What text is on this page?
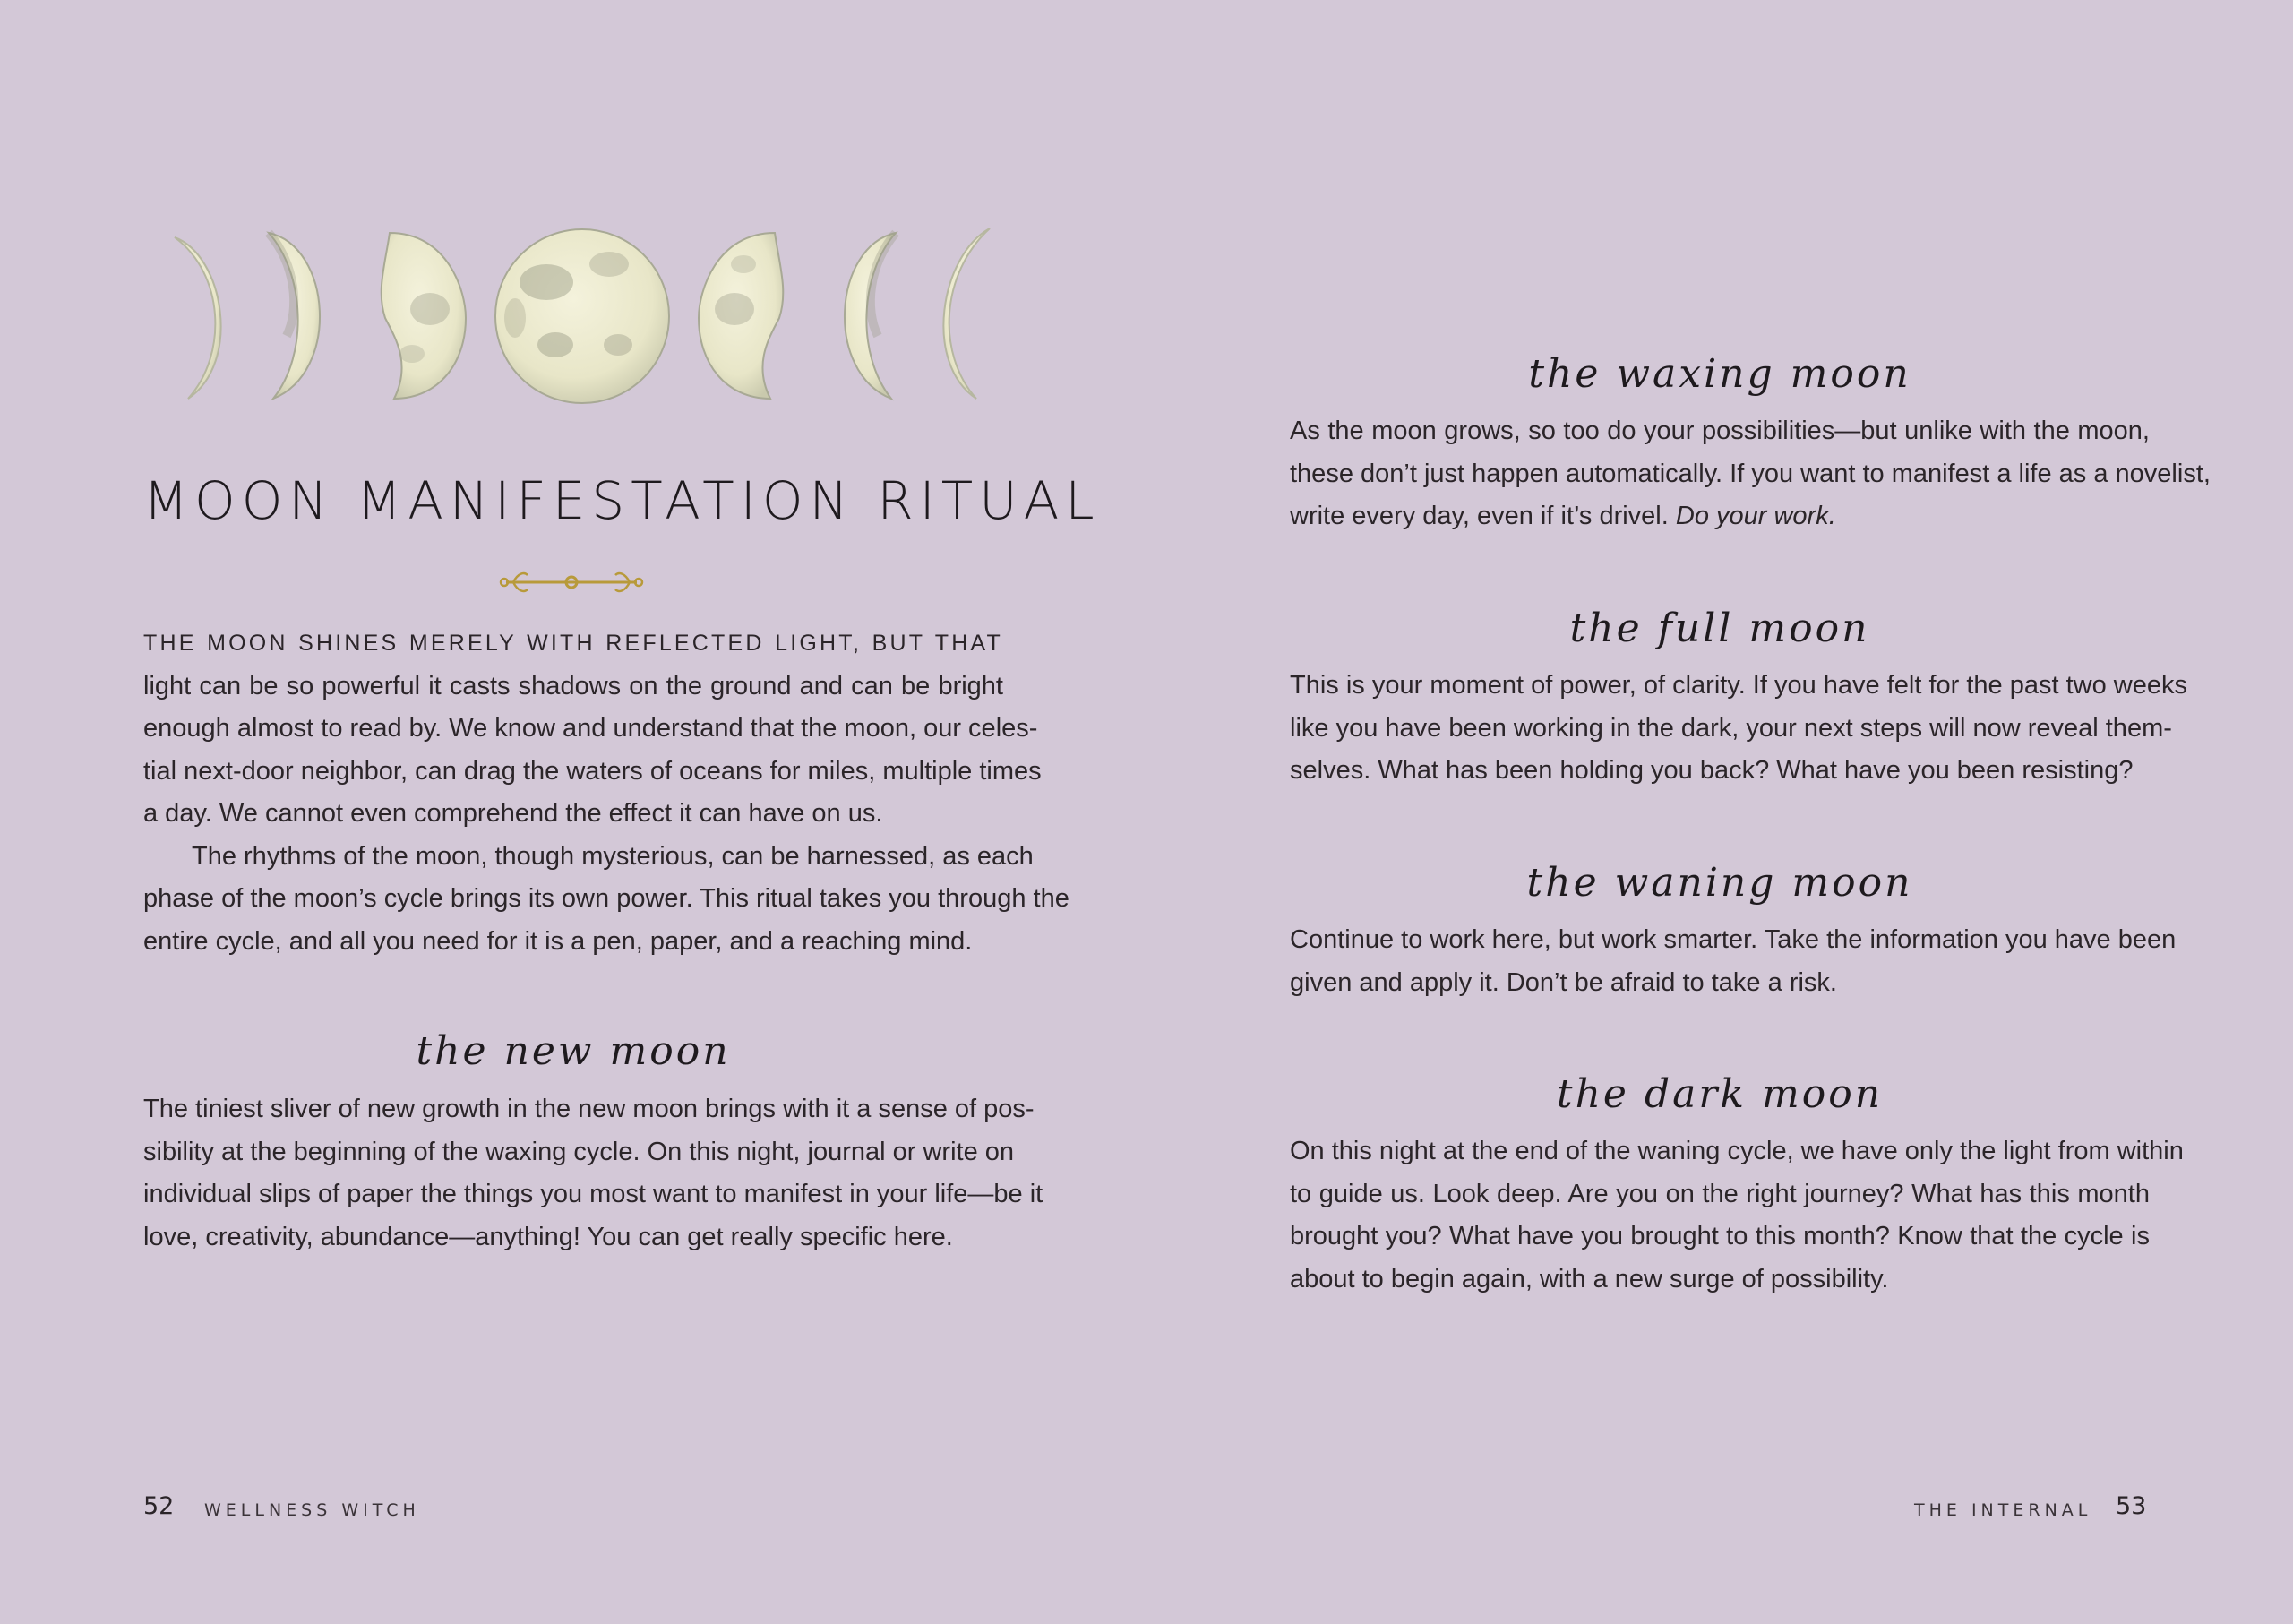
MOON MANIFESTATION RITUAL
THE MOON SHINES MERELY WITH REFLECTED LIGHT, BUT THAT
light can be so powerful it casts shadows on the ground and can be bright
enough almost to read by. We know and understand that the moon, our celes-
tial next-door neighbor, can drag the waters of oceans for miles, multiple times
a day. We cannot even comprehend the effect it can have on us.
The rhythms of the moon, though mysterious, can be harnessed, as each
phase of the moon’s cycle brings its own power. This ritual takes you through the
entire cycle, and all you need for it is a pen, paper, and a reaching mind.
the new moon
The tiniest sliver of new growth in the new moon brings with it a sense of pos-
sibility at the beginning of the waxing cycle. On this night, journal or write on
individual slips of paper the things you most want to manifest in your life—be it
love, creativity, abundance—anything! You can get really specific here.
52 WELLNESS WITCH
the waxing moon
As the moon grows, so too do your possibilities—but unlike with the moon,
these don’t just happen automatically. If you want to manifest a life as a novelist,
write every day, even if it’s drivel. Do your work.
the full moon
This is your moment of power, of clarity. If you have felt for the past two weeks
like you have been working in the dark, your next steps will now reveal them-
selves. What has been holding you back? What have you been resisting?
the waning moon
Continue to work here, but work smarter. Take the information you have been
given and apply it. Don’t be afraid to take a risk.
the dark moon
On this night at the end of the waning cycle, we have only the light from within
to guide us. Look deep. Are you on the right journey? What has this month
brought you? What have you brought to this month? Know that the cycle is
about to begin again, with a new surge of possibility.
THE INTERNAL 53
